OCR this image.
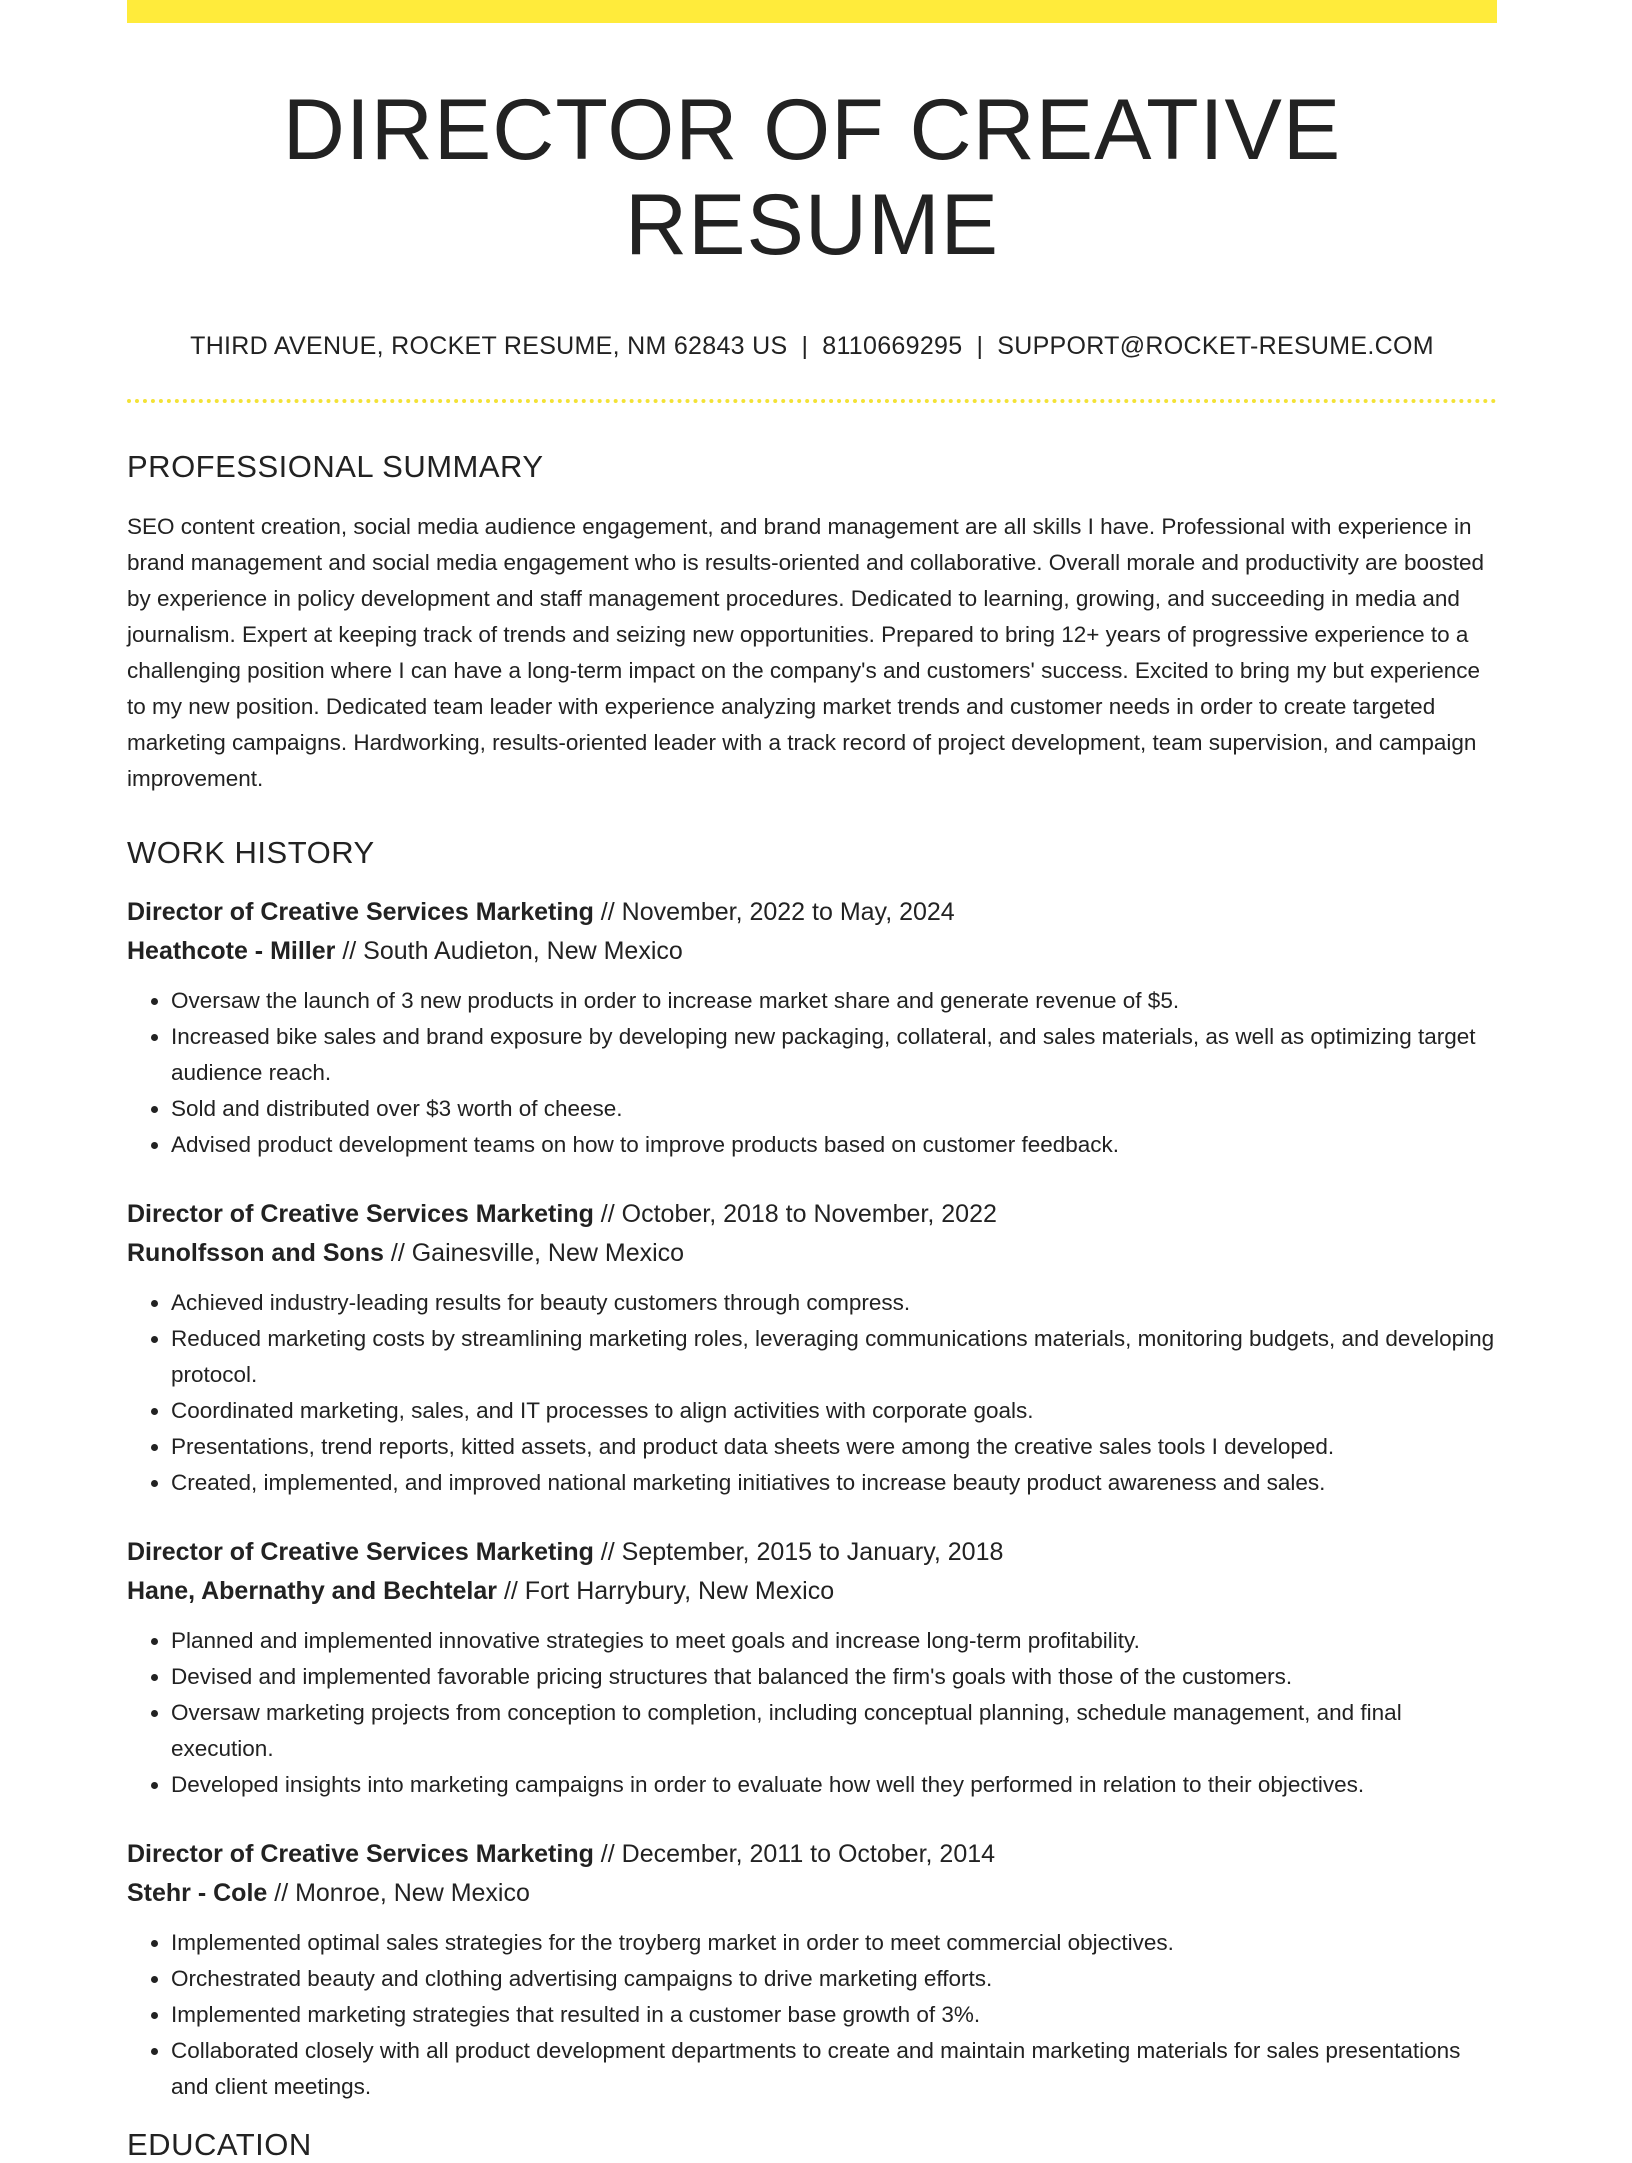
DIRECTOR OF CREATIVE RESUME
THIRD AVENUE, ROCKET RESUME, NM 62843 US | 8110669295 | SUPPORT@ROCKET-RESUME.COM
PROFESSIONAL SUMMARY
SEO content creation, social media audience engagement, and brand management are all skills I have. Professional with experience in brand management and social media engagement who is results-oriented and collaborative. Overall morale and productivity are boosted by experience in policy development and staff management procedures. Dedicated to learning, growing, and succeeding in media and journalism. Expert at keeping track of trends and seizing new opportunities. Prepared to bring 12+ years of progressive experience to a challenging position where I can have a long-term impact on the company's and customers' success. Excited to bring my but experience to my new position. Dedicated team leader with experience analyzing market trends and customer needs in order to create targeted marketing campaigns. Hardworking, results-oriented leader with a track record of project development, team supervision, and campaign improvement.
WORK HISTORY
Director of Creative Services Marketing // November, 2022 to May, 2024
Heathcote - Miller // South Audieton, New Mexico
• Oversaw the launch of 3 new products in order to increase market share and generate revenue of $5.
• Increased bike sales and brand exposure by developing new packaging, collateral, and sales materials, as well as optimizing target audience reach.
• Sold and distributed over $3 worth of cheese.
• Advised product development teams on how to improve products based on customer feedback.
Director of Creative Services Marketing // October, 2018 to November, 2022
Runolfsson and Sons // Gainesville, New Mexico
• Achieved industry-leading results for beauty customers through compress.
• Reduced marketing costs by streamlining marketing roles, leveraging communications materials, monitoring budgets, and developing protocol.
• Coordinated marketing, sales, and IT processes to align activities with corporate goals.
• Presentations, trend reports, kitted assets, and product data sheets were among the creative sales tools I developed.
• Created, implemented, and improved national marketing initiatives to increase beauty product awareness and sales.
Director of Creative Services Marketing // September, 2015 to January, 2018
Hane, Abernathy and Bechtelar // Fort Harrybury, New Mexico
• Planned and implemented innovative strategies to meet goals and increase long-term profitability.
• Devised and implemented favorable pricing structures that balanced the firm's goals with those of the customers.
• Oversaw marketing projects from conception to completion, including conceptual planning, schedule management, and final execution.
• Developed insights into marketing campaigns in order to evaluate how well they performed in relation to their objectives.
Director of Creative Services Marketing // December, 2011 to October, 2014
Stehr - Cole // Monroe, New Mexico
• Implemented optimal sales strategies for the troyberg market in order to meet commercial objectives.
• Orchestrated beauty and clothing advertising campaigns to drive marketing efforts.
• Implemented marketing strategies that resulted in a customer base growth of 3%.
• Collaborated closely with all product development departments to create and maintain marketing materials for sales presentations and client meetings.
EDUCATION
